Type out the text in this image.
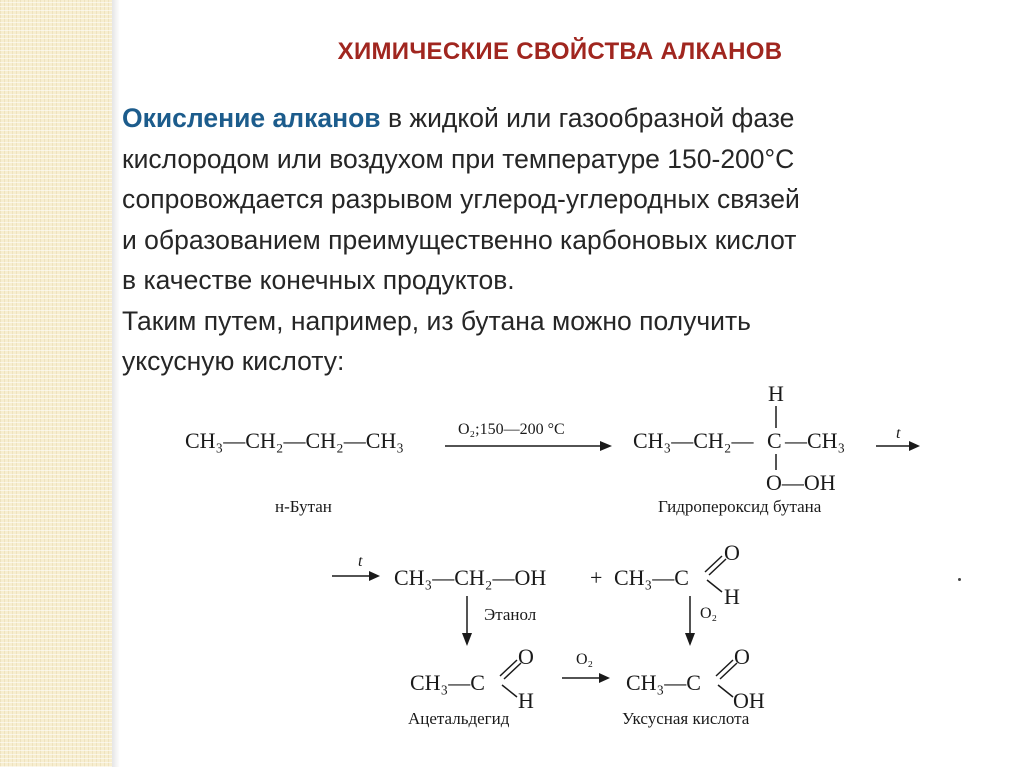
ХИМИЧЕСКИЕ СВОЙСТВА АЛКАНОВ
Окисление алканов в жидкой или газообразной фазе
кислородом или воздухом при температуре 150-200°C
сопровождается разрывом углерод-углеродных связей
и образованием преимущественно карбоновых кислот
в качестве конечных продуктов.
Таким путем, например, из бутана можно получить
уксусную кислоту:
CH₃—CH₂—CH₂—CH₃
н-Бутан
O₂;150—200 °C	CH₃—CH₂— C —CH₃
H
O—OH
Гидропероксид бутана
t
t
CH₃—CH₂—OH
Этанол
+ CH₃—C
O
H
O₂
CH₃—C
O
H
Ацетальдегид
O₂
CH₃—C
O
OH
Уксусная кислота
